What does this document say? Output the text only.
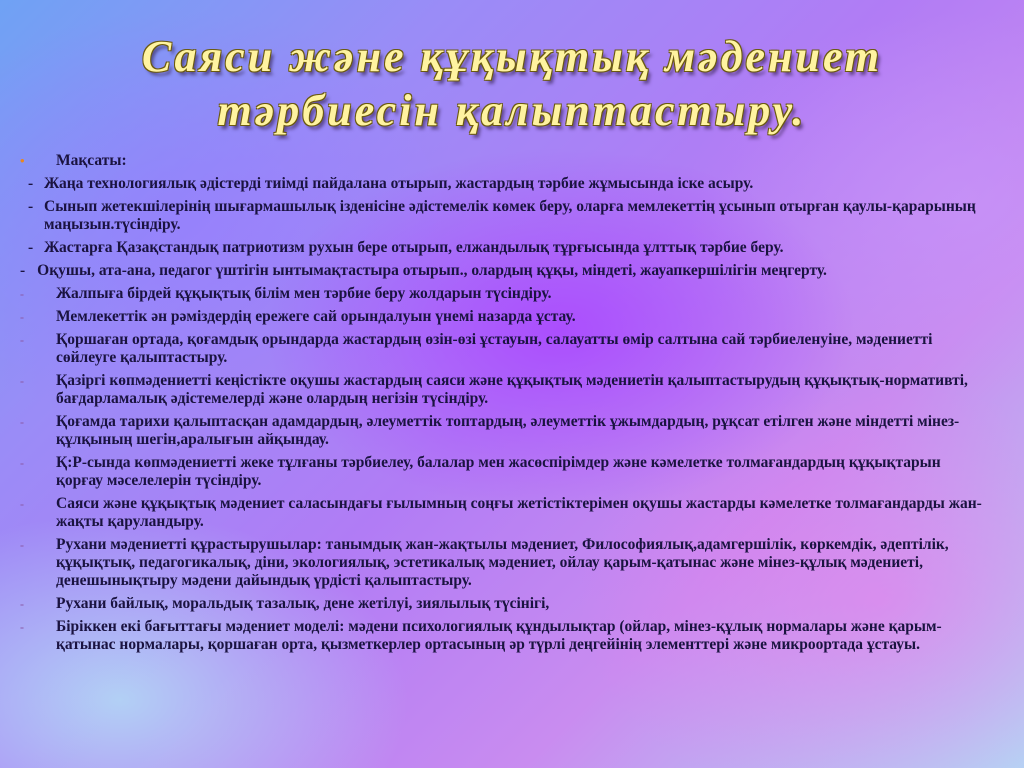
Саяси және құқықтық мәдениет
тәрбиесін қалыптастыру.
•	Мақсаты:
- Жаңа технологиялық әдістерді тиімді пайдалана отырып, жастардың тәрбие жұмысында іске асыру.
- Сынып жетекшілерінің шығармашылық ізденісіне әдістемелік көмек беру, оларға мемлекеттің ұсынып отырған қаулы-қарарының маңызын.түсіндіру.
- Жастарға Қазақстандық патриотизм рухын бере отырып, елжандылық тұрғысында ұлттық тәрбие беру.
- Оқушы, ата-ана, педагог үштігін ынтымақтастыра отырып., олардың құқы, міндеті, жауапкершілігін меңгерту.
-	Жалпыға бірдей құқықтық білім мен тәрбие беру жолдарын түсіндіру.
-	Мемлекеттік ән рәміздердің ережеге сай орындалуын үнемі назарда ұстау.
-	Қоршаған ортада, қоғамдық орындарда жастардың өзін-өзі ұстауын, салауатты өмір салтына сай тәрбиеленуіне, мәдениетті сөйлеуге қалыптастыру.
-	Қазіргі көпмәдениетті кеңістікте оқушы жастардың саяси және құқықтық мәдениетін қалыптастырудың құқықтық-нормативті, бағдарламалық әдістемелерді және олардың негізін түсіндіру.
-	Қоғамда тарихи қалыптасқан адамдардың, әлеуметтік топтардың, әлеуметтік ұжымдардың, рұқсат етілген және міндетті мінез- құлқының шегін,аралығын айқындау.
-	Қ:Р-сында көпмәдениетті жеке тұлғаны тәрбиелеу, балалар мен жасөспірімдер және кәмелетке толмағандардың құқықтарын қорғау мәселелерін түсіндіру.
-	Саяси және құқықтық мәдениет саласындағы ғылымның соңғы жетістіктерімен оқушы жастарды кәмелетке толмағандарды жан-жақты қаруландыру.
-	Рухани мәдениетті құрастырушылар: танымдық жан-жақтылы мәдениет, Философиялық,адамгершілік, көркемдік, әдептілік, құқықтық, педагогикалық, діни, экологиялық, эстетикалық мәдениет, ойлау қарым-қатынас және мінез-құлық мәдениеті, денешынықтыру мәдени дайындық үрдісті қалыптастыру.
-	Рухани байлық, моральдық тазалық, дене жетілуі, зиялылық түсінігі,
-	Біріккен екі бағыттағы мәдениет моделі: мәдени психологиялық құндылықтар (ойлар, мінез-құлық нормалары және қарым-қатынас нормалары, қоршаған орта, қызметкерлер ортасының әр түрлі деңгейінің элементтері және микроортада ұстауы.
